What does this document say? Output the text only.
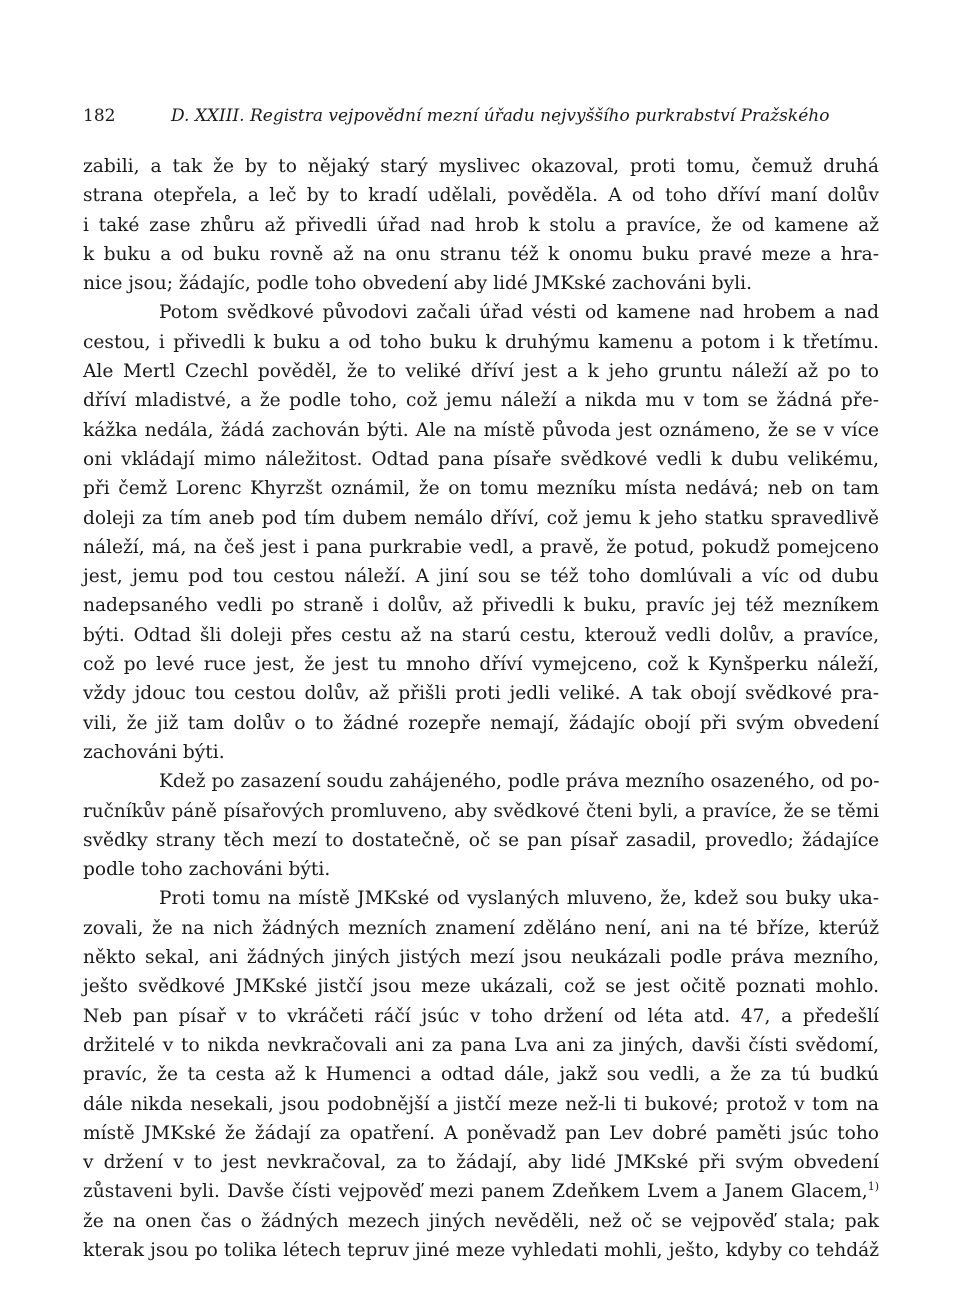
182	D. XXIII. Registra vejpovědní mezní úřadu nejvyššího purkrabství Pražského
zabili, a tak že by to nějaký starý myslivec okazoval, proti tomu, čemuž druhá
strana otepřela, a leč by to kradí udělali, pověděla. A od toho dříví maní dolův
i také zase zhůru až přivedli úřad nad hrob k stolu a pravíce, že od kamene až
k buku a od buku rovně až na onu stranu též k onomu buku pravé meze a hra-
nice jsou; žádajíc, podle toho obvedení aby lidé JMKské zachováni byli.
Potom svědkové původovi začali úřad vésti od kamene nad hrobem a nad
cestou, i přivedli k buku a od toho buku k druhýmu kamenu a potom i k třetímu.
Ale Mertl Czechl pověděl, že to veliké dříví jest a k jeho gruntu náleží až po to
dříví mladistvé, a že podle toho, což jemu náleží a nikda mu v tom se žádná pře-
kážka nedála, žádá zachován býti. Ale na místě původa jest oznámeno, že se v více
oni vkládají mimo náležitost. Odtad pana písaře svědkové vedli k dubu velikému,
při čemž Lorenc Khyrzšt oznámil, že on tomu mezníku místa nedává; neb on tam
doleji za tím aneb pod tím dubem nemálo dříví, což jemu k jeho statku spravedlivě
náleží, má, na češ jest i pana purkrabie vedl, a pravě, že potud, pokudž pomejceno
jest, jemu pod tou cestou náleží. A jiní sou se též toho domlúvali a víc od dubu
nadepsaného vedli po straně i dolův, až přivedli k buku, pravíc jej též mezníkem
býti. Odtad šli doleji přes cestu až na starú cestu, kterouž vedli dolův, a pravíce,
což po levé ruce jest, že jest tu mnoho dříví vymejceno, což k Kynšperku náleží,
vždy jdouc tou cestou dolův, až přišli proti jedli veliké. A tak obojí svědkové pra-
vili, že již tam dolův o to žádné rozepře nemají, žádajíc obojí při svým obvedení
zachováni býti.
Kdež po zasazení soudu zahájeného, podle práva mezního osazeného, od po-
ručníkův páně písařových promluveno, aby svědkové čteni byli, a pravíce, že se těmi
svědky strany těch mezí to dostatečně, oč se pan písař zasadil, provedlo; žádajíce
podle toho zachováni býti.
Proti tomu na místě JMKské od vyslaných mluveno, že, kdež sou buky uka-
zovali, že na nich žádných mezních znamení zděláno není, ani na té bříze, kterúž
někto sekal, ani žádných jiných jistých mezí jsou neukázali podle práva mezního,
ješto svědkové JMKské jistčí jsou meze ukázali, což se jest očitě poznati mohlo.
Neb pan písař v to vkráčeti ráčí jsúc v toho držení od léta atd. 47, a předešlí
držitelé v to nikda nevkračovali ani za pana Lva ani za jiných, davši čísti svědomí,
pravíc, že ta cesta až k Humenci a odtad dále, jakž sou vedli, a že za tú budkú
dále nikda nesekali, jsou podobnější a jistčí meze než-li ti bukové; protož v tom na
místě JMKské že žádají za opatření. A poněvadž pan Lev dobré paměti jsúc toho
v držení v to jest nevkračoval, za to žádají, aby lidé JMKské při svým obvedení
zůstaveni byli. Davše čísti vejpověď mezi panem Zdeňkem Lvem a Janem Glacem,$^{1)}$
že na onen čas o žádných mezech jiných nevěděli, než oč se vejpověď stala; pak
kterak jsou po tolika létech tepruv jiné meze vyhledati mohli, ješto, kdyby co tehdáž
